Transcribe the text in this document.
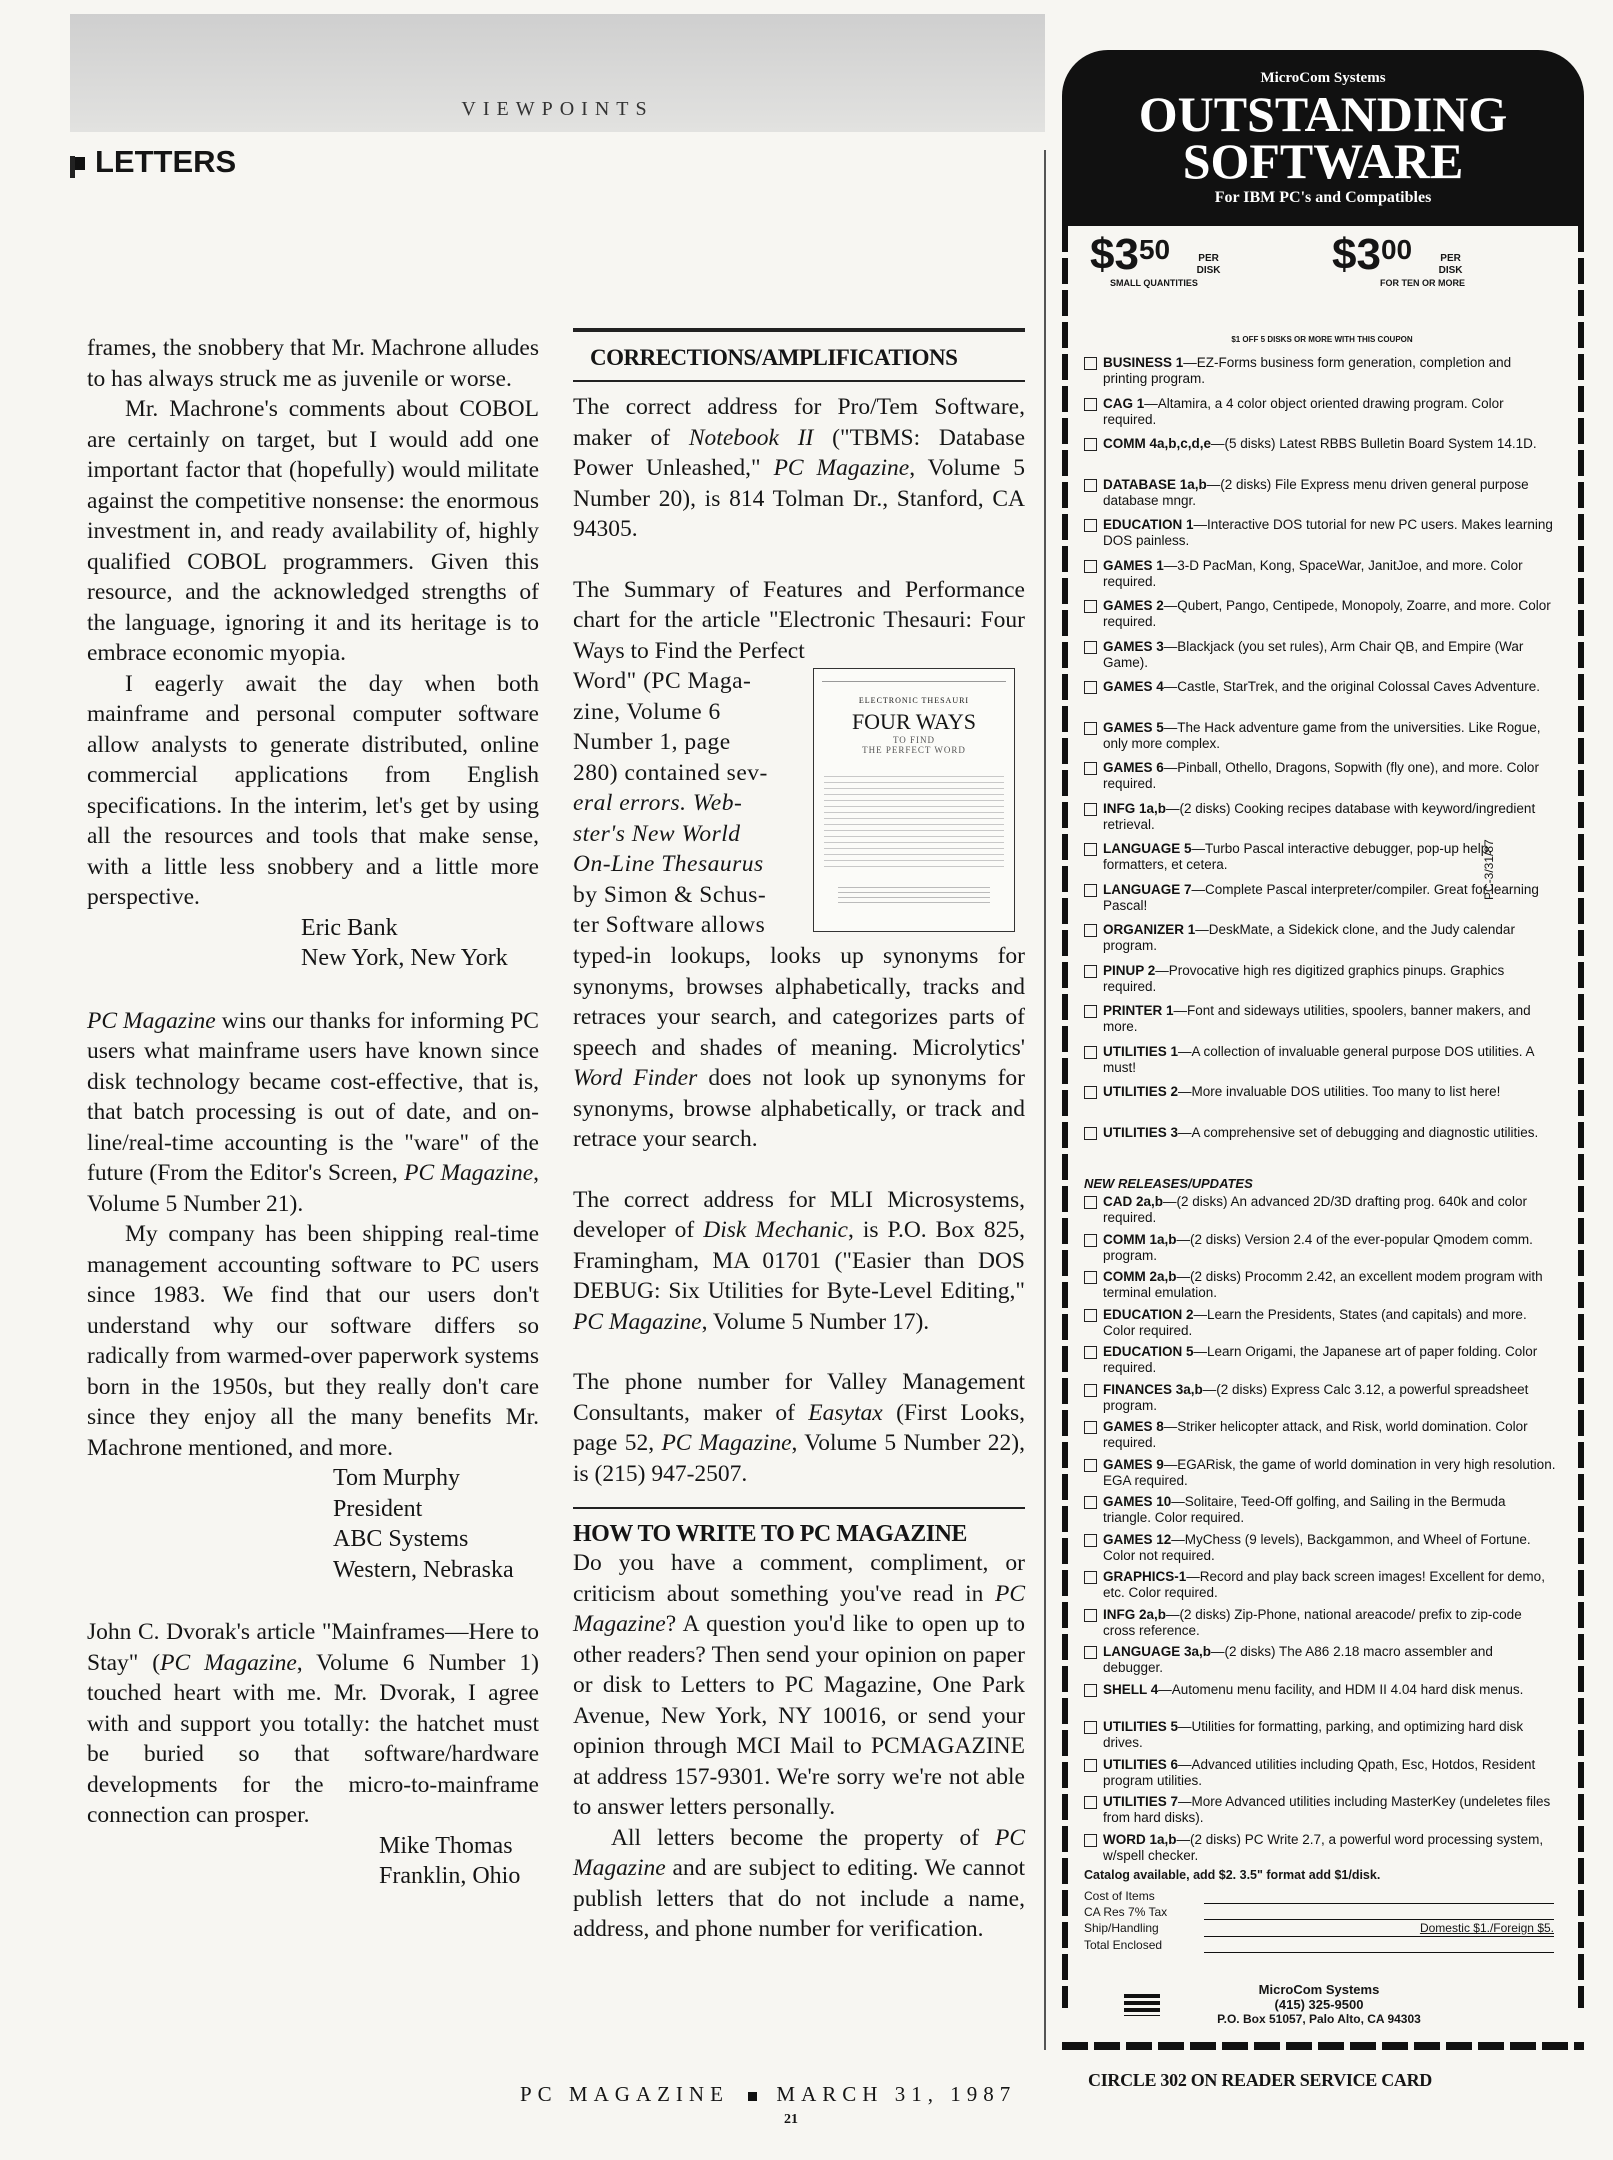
VIEWPOINTS
LETTERS

frames, the snobbery that Mr. Machrone alludes to has always struck me as juvenile or worse.

Mr. Machrone's comments about COBOL are certainly on target, but I would add one important factor that (hopefully) would militate against the competitive nonsense: the enormous investment in, and ready availability of, highly qualified COBOL programmers. Given this resource, and the acknowledged strengths of the language, ignoring it and its heritage is to embrace economic myopia.

I eagerly await the day when both mainframe and personal computer software allow analysts to generate distributed, online commercial applications from English specifications. In the interim, let's get by using all the resources and tools that make sense, with a little less snobbery and a little more perspective.

Eric Bank
New York, New York

PC Magazine wins our thanks for informing PC users what mainframe users have known since disk technology became cost-effective, that is, that batch processing is out of date, and on-line/real-time accounting is the "ware" of the future (From the Editor's Screen, PC Magazine, Volume 5 Number 21).

My company has been shipping real-time management accounting software to PC users since 1983. We find that our users don't understand why our software differs so radically from warmed-over paperwork systems born in the 1950s, but they really don't care since they enjoy all the many benefits Mr. Machrone mentioned, and more.

Tom Murphy
President
ABC Systems
Western, Nebraska

John C. Dvorak's article "Mainframes—Here to Stay" (PC Magazine, Volume 6 Number 1) touched heart with me. Mr. Dvorak, I agree with and support you totally: the hatchet must be buried so that software/hardware developments for the micro-to-mainframe connection can prosper.

Mike Thomas
Franklin, Ohio
CORRECTIONS/AMPLIFICATIONS

The correct address for Pro/Tem Software, maker of Notebook II ("TBMS: Database Power Unleashed," PC Magazine, Volume 5 Number 20), is 814 Tolman Dr., Stanford, CA 94305.

The Summary of Features and Performance chart for the article "Electronic Thesauri: Four Ways to Find the Perfect

Word" (PC Maga-
zine, Volume 6
Number 1, page
280) contained sev-
eral errors. Web-
ster's New World
On-Line Thesaurus
by Simon & Schus-
ter Software allows
ELECTRONIC THESAURI
FOUR WAYS
TO FIND
THE PERFECT WORD

typed-in lookups, looks up synonyms for synonyms, browses alphabetically, tracks and retraces your search, and categorizes parts of speech and shades of meaning. Microlytics' Word Finder does not look up synonyms for synonyms, browse alphabetically, or track and retrace your search.

The correct address for MLI Microsystems, developer of Disk Mechanic, is P.O. Box 825, Framingham, MA 01701 ("Easier than DOS DEBUG: Six Utilities for Byte-Level Editing," PC Magazine, Volume 5 Number 17).

The phone number for Valley Management Consultants, maker of Easytax (First Looks, page 52, PC Magazine, Volume 5 Number 22), is (215) 947-2507.

HOW TO WRITE TO PC MAGAZINE

Do you have a comment, compliment, or criticism about something you've read in PC Magazine? A question you'd like to open up to other readers? Then send your opinion on paper or disk to Letters to PC Magazine, One Park Avenue, New York, NY 10016, or send your opinion through MCI Mail to PCMAGAZINE at address 157-9301. We're sorry we're not able to answer letters personally.

All letters become the property of PC Magazine and are subject to editing. We cannot publish letters that do not include a name, address, and phone number for verification.

MicroCom Systems
OUTSTANDING
SOFTWARE
For IBM PC's and Compatibles
$350	PER DISK
SMALL QUANTITIES
$300	PER DISK
FOR TEN OR MORE
$1 OFF 5 DISKS OR MORE WITH THIS COUPON
PC-3/31/87
BUSINESS 1—EZ-Forms business form generation, completion and printing program.
CAG 1—Altamira, a 4 color object oriented drawing program. Color required.
COMM 4a,b,c,d,e—(5 disks) Latest RBBS Bulletin Board System 14.1D.
DATABASE 1a,b—(2 disks) File Express menu driven general purpose database mngr.
EDUCATION 1—Interactive DOS tutorial for new PC users. Makes learning DOS painless.
GAMES 1—3-D PacMan, Kong, SpaceWar, JanitJoe, and more. Color required.
GAMES 2—Qubert, Pango, Centipede, Monopoly, Zoarre, and more. Color required.
GAMES 3—Blackjack (you set rules), Arm Chair QB, and Empire (War Game).
GAMES 4—Castle, StarTrek, and the original Colossal Caves Adventure.
GAMES 5—The Hack adventure game from the universities. Like Rogue, only more complex.
GAMES 6—Pinball, Othello, Dragons, Sopwith (fly one), and more. Color required.
INFG 1a,b—(2 disks) Cooking recipes database with keyword/ingredient retrieval.
LANGUAGE 5—Turbo Pascal interactive debugger, pop-up help, formatters, et cetera.
LANGUAGE 7—Complete Pascal interpreter/compiler. Great for learning Pascal!
ORGANIZER 1—DeskMate, a Sidekick clone, and the Judy calendar program.
PINUP 2—Provocative high res digitized graphics pinups. Graphics required.
PRINTER 1—Font and sideways utilities, spoolers, banner makers, and more.
UTILITIES 1—A collection of invaluable general purpose DOS utilities. A must!
UTILITIES 2—More invaluable DOS utilities. Too many to list here!
UTILITIES 3—A comprehensive set of debugging and diagnostic utilities.
NEW RELEASES/UPDATES
CAD 2a,b—(2 disks) An advanced 2D/3D drafting prog. 640k and color required.
COMM 1a,b—(2 disks) Version 2.4 of the ever-popular Qmodem comm. program.
COMM 2a,b—(2 disks) Procomm 2.42, an excellent modem program with terminal emulation.
EDUCATION 2—Learn the Presidents, States (and capitals) and more. Color required.
EDUCATION 5—Learn Origami, the Japanese art of paper folding. Color required.
FINANCES 3a,b—(2 disks) Express Calc 3.12, a powerful spreadsheet program.
GAMES 8—Striker helicopter attack, and Risk, world domination. Color required.
GAMES 9—EGARisk, the game of world domination in very high resolution. EGA required.
GAMES 10—Solitaire, Teed-Off golfing, and Sailing in the Bermuda triangle. Color required.
GAMES 12—MyChess (9 levels), Backgammon, and Wheel of Fortune. Color not required.
GRAPHICS-1—Record and play back screen images! Excellent for demo, etc. Color required.
INFG 2a,b—(2 disks) Zip-Phone, national areacode/ prefix to zip-code cross reference.
LANGUAGE 3a,b—(2 disks) The A86 2.18 macro assembler and debugger.
SHELL 4—Automenu menu facility, and HDM II 4.04 hard disk menus.
UTILITIES 5—Utilities for formatting, parking, and optimizing hard disk drives.
UTILITIES 6—Advanced utilities including Qpath, Esc, Hotdos, Resident program utilities.
UTILITIES 7—More Advanced utilities including MasterKey (undeletes files from hard disks).
WORD 1a,b—(2 disks) PC Write 2.7, a powerful word processing system, w/spell checker.
Catalog available, add $2. 3.5" format add $1/disk.
Cost of Items
CA Res 7% Tax
Ship/Handling	Domestic $1./Foreign $5.
Total Enclosed
MicroCom Systems
(415) 325-9500
P.O. Box 51057, Palo Alto, CA 94303
CIRCLE 302 ON READER SERVICE CARD
PC MAGAZINE MARCH 31, 1987
21
